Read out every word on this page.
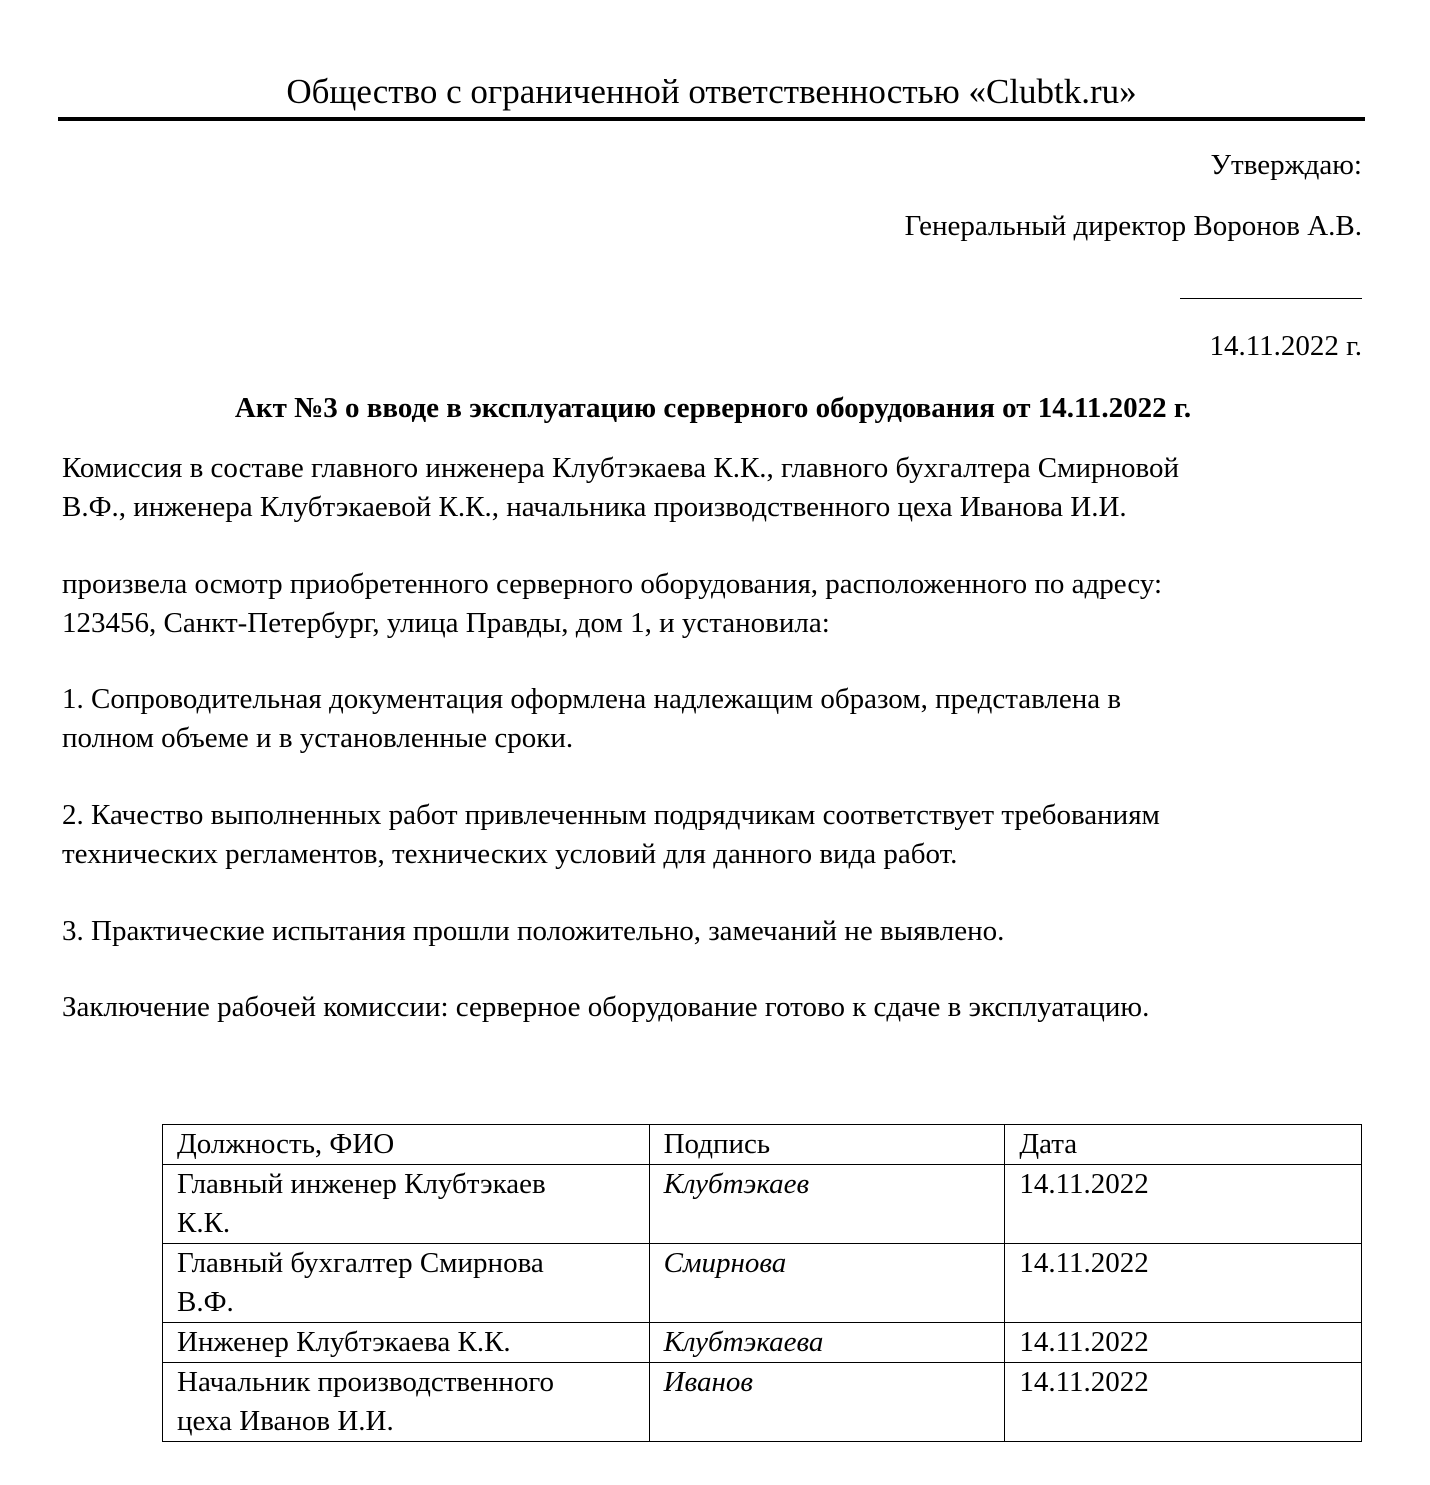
Общество с ограниченной ответственностью «Clubtk.ru»
Утверждаю:
Генеральный директор Воронов А.В.
14.11.2022 г.
Акт №3 о вводе в эксплуатацию серверного оборудования от 14.11.2022 г.
Комиссия в составе главного инженера Клубтэкаева К.К., главного бухгалтера Смирновой
В.Ф., инженера Клубтэкаевой К.К., начальника производственного цеха Иванова И.И.
произвела осмотр приобретенного серверного оборудования, расположенного по адресу:
123456, Санкт-Петербург, улица Правды, дом 1, и установила:
1. Сопроводительная документация оформлена надлежащим образом, представлена в
полном объеме и в установленные сроки.
2. Качество выполненных работ привлеченным подрядчикам соответствует требованиям
технических регламентов, технических условий для данного вида работ.
3. Практические испытания прошли положительно, замечаний не выявлено.
Заключение рабочей комиссии: серверное оборудование готово к сдаче в эксплуатацию.
Должность, ФИО	Подпись	Дата
Главный инженер Клубтэкаев
К.К.	Клубтэкаев	14.11.2022
Главный бухгалтер Смирнова
В.Ф.	Смирнова	14.11.2022
Инженер Клубтэкаева К.К.	Клубтэкаева	14.11.2022
Начальник производственного
цеха Иванов И.И.	Иванов	14.11.2022
